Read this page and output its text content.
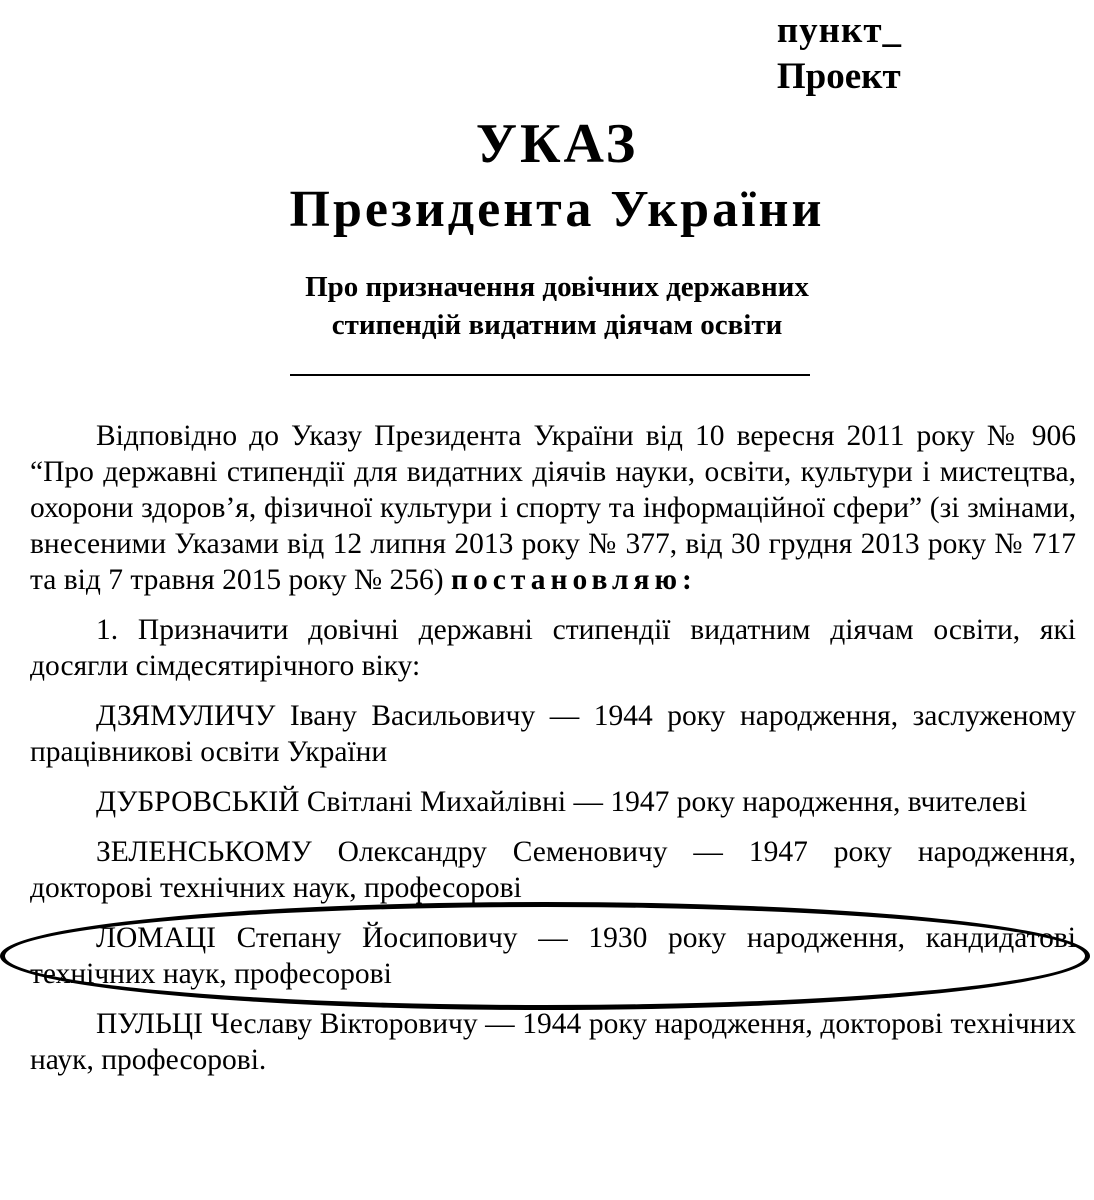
пункт_
Проект
УКАЗ
Президента України
Про призначення довічних державних
стипендій видатним діячам освіти

Відповідно до Указу Президента України від 10 вересня 2011 року № 906 “Про державні стипендії для видатних діячів науки, освіти, культури і мистецтва, охорони здоров’я, фізичної культури і спорту та інформаційної сфери” (зі змінами, внесеними Указами від 12 липня 2013 року № 377, від 30 грудня 2013 року № 717 та від 7 травня 2015 року № 256) постановляю:

1. Призначити довічні державні стипендії видатним діячам освіти, які досягли сімдесятирічного віку:

ДЗЯМУЛИЧУ Івану Васильовичу — 1944 року народження, заслуженому працівникові освіти України

ДУБРОВСЬКІЙ Світлані Михайлівні — 1947 року народження, вчителеві

ЗЕЛЕНСЬКОМУ Олександру Семеновичу — 1947 року народження, докторові технічних наук, професорові

ЛОМАЦІ Степану Йосиповичу — 1930 року народження, кандидатові технічних наук, професорові

ПУЛЬЦІ Чеславу Вікторовичу — 1944 року народження, докторові технічних наук, професорові.
